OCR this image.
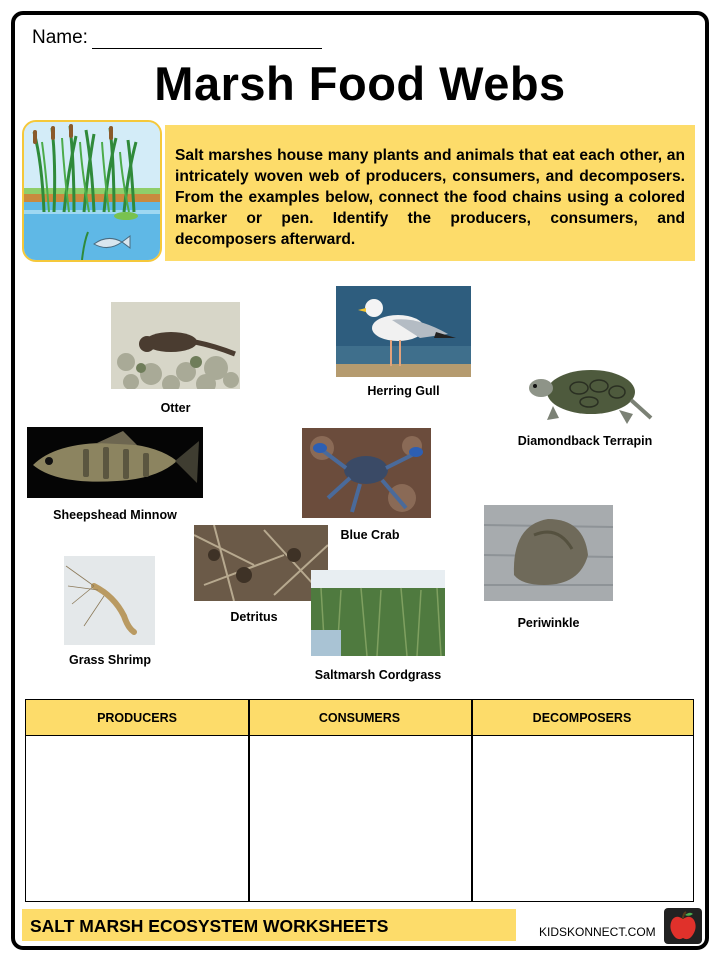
Name:
Marsh Food Webs
Salt marshes house many plants and animals that eat each other, an intricately woven web of producers, consumers, and decomposers. From the examples below, connect the food chains using a colored marker or pen. Identify the producers, consumers, and decomposers afterward.
Otter
Herring Gull
Diamondback Terrapin
Sheepshead Minnow
Blue Crab
Periwinkle
Grass Shrimp
Detritus
Saltmarsh Cordgrass
PRODUCERS	CONSUMERS	DECOMPOSERS
SALT MARSH ECOSYSTEM WORKSHEETS	KIDSKONNECT.COM
